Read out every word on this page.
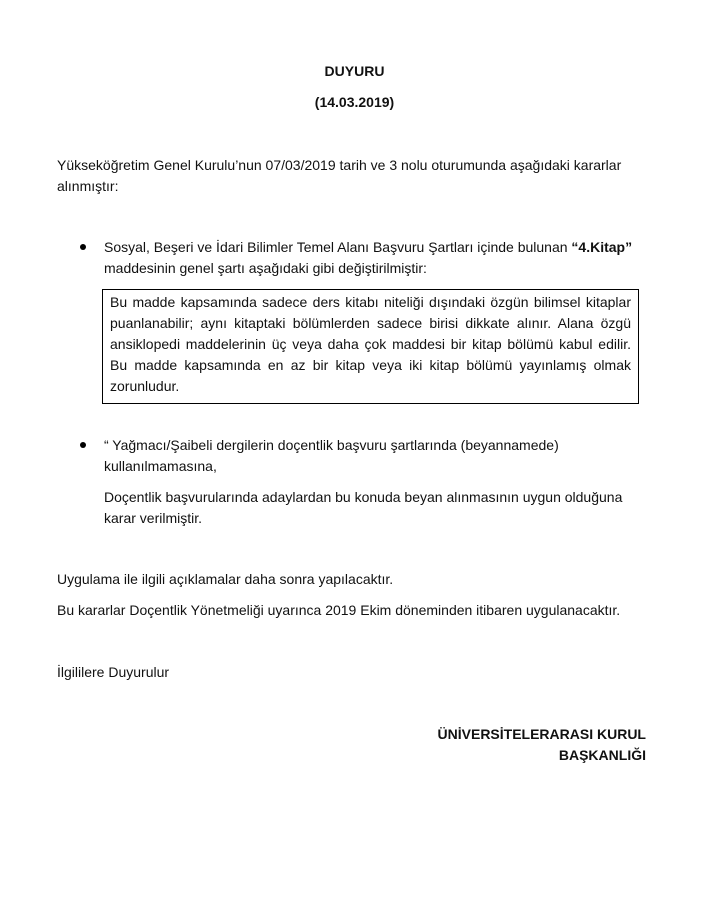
DUYURU
(14.03.2019)
Yükseköğretim Genel Kurulu’nun 07/03/2019 tarih ve 3 nolu oturumunda aşağıdaki kararlar alınmıştır:
Sosyal, Beşeri ve İdari Bilimler Temel Alanı Başvuru Şartları içinde bulunan “4.Kitap” maddesinin genel şartı aşağıdaki gibi değiştirilmiştir:
Bu madde kapsamında sadece ders kitabı niteliği dışındaki özgün bilimsel kitaplar puanlanabilir; aynı kitaptaki bölümlerden sadece birisi dikkate alınır. Alana özgü ansiklopedi maddelerinin üç veya daha çok maddesi bir kitap bölümü kabul edilir. Bu madde kapsamında en az bir kitap veya iki kitap bölümü yayınlamış olmak zorunludur.
“ Yağmacı/Şaibeli dergilerin doçentlik başvuru şartlarında (beyannamede) kullanılmamasına,
Doçentlik başvurularında adaylardan bu konuda beyan alınmasının uygun olduğuna karar verilmiştir.
Uygulama ile ilgili açıklamalar daha sonra yapılacaktır.
Bu kararlar Doçentlik Yönetmeliği uyarınca 2019 Ekim döneminden itibaren uygulanacaktır.
İlgililere Duyurulur
ÜNİVERSİTELERARASI KURUL BAŞKANLIĞI
